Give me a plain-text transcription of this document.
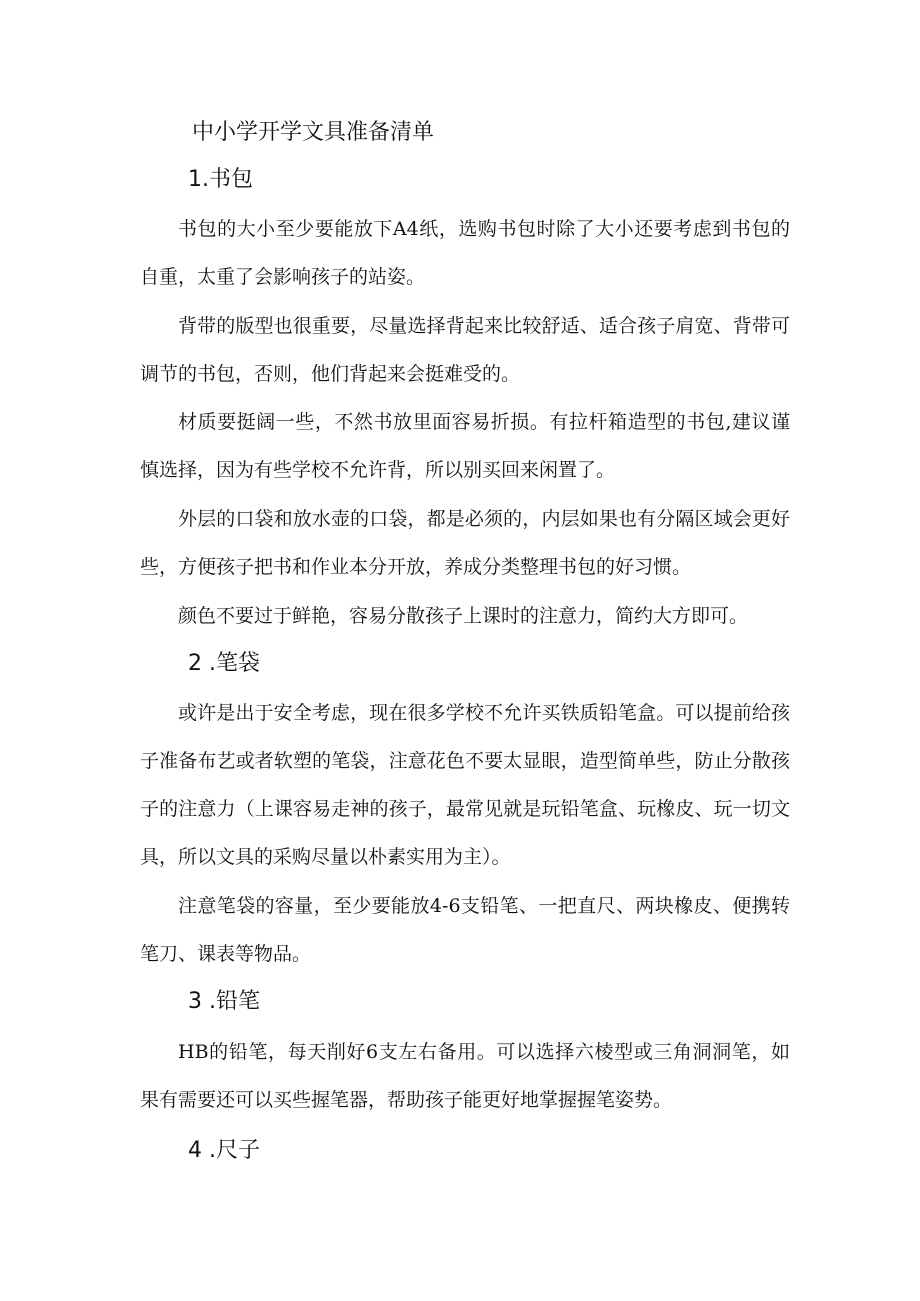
中小学开学文具准备清单
1.书包

书包的大小至少要能放下A4纸，选购书包时除了大小还要考虑到书包的自重，太重了会影响孩子的站姿。

背带的版型也很重要，尽量选择背起来比较舒适、适合孩子肩宽、背带可调节的书包，否则，他们背起来会挺难受的。

材质要挺阔一些，不然书放里面容易折损。有拉杆箱造型的书包,建议谨慎选择，因为有些学校不允许背，所以别买回来闲置了。

外层的口袋和放水壶的口袋，都是必须的，内层如果也有分隔区域会更好些，方便孩子把书和作业本分开放，养成分类整理书包的好习惯。

颜色不要过于鲜艳，容易分散孩子上课时的注意力，简约大方即可。

2 .笔袋

或许是出于安全考虑，现在很多学校不允许买铁质铅笔盒。可以提前给孩子准备布艺或者软塑的笔袋，注意花色不要太显眼，造型简单些，防止分散孩子的注意力（上课容易走神的孩子，最常见就是玩铅笔盒、玩橡皮、玩一切文具，所以文具的采购尽量以朴素实用为主）。

注意笔袋的容量，至少要能放4-6支铅笔、一把直尺、两块橡皮、便携转笔刀、课表等物品。

3 .铅笔

HB的铅笔，每天削好6支左右备用。可以选择六棱型或三角洞洞笔，如果有需要还可以买些握笔器，帮助孩子能更好地掌握握笔姿势。

4 .尺子
